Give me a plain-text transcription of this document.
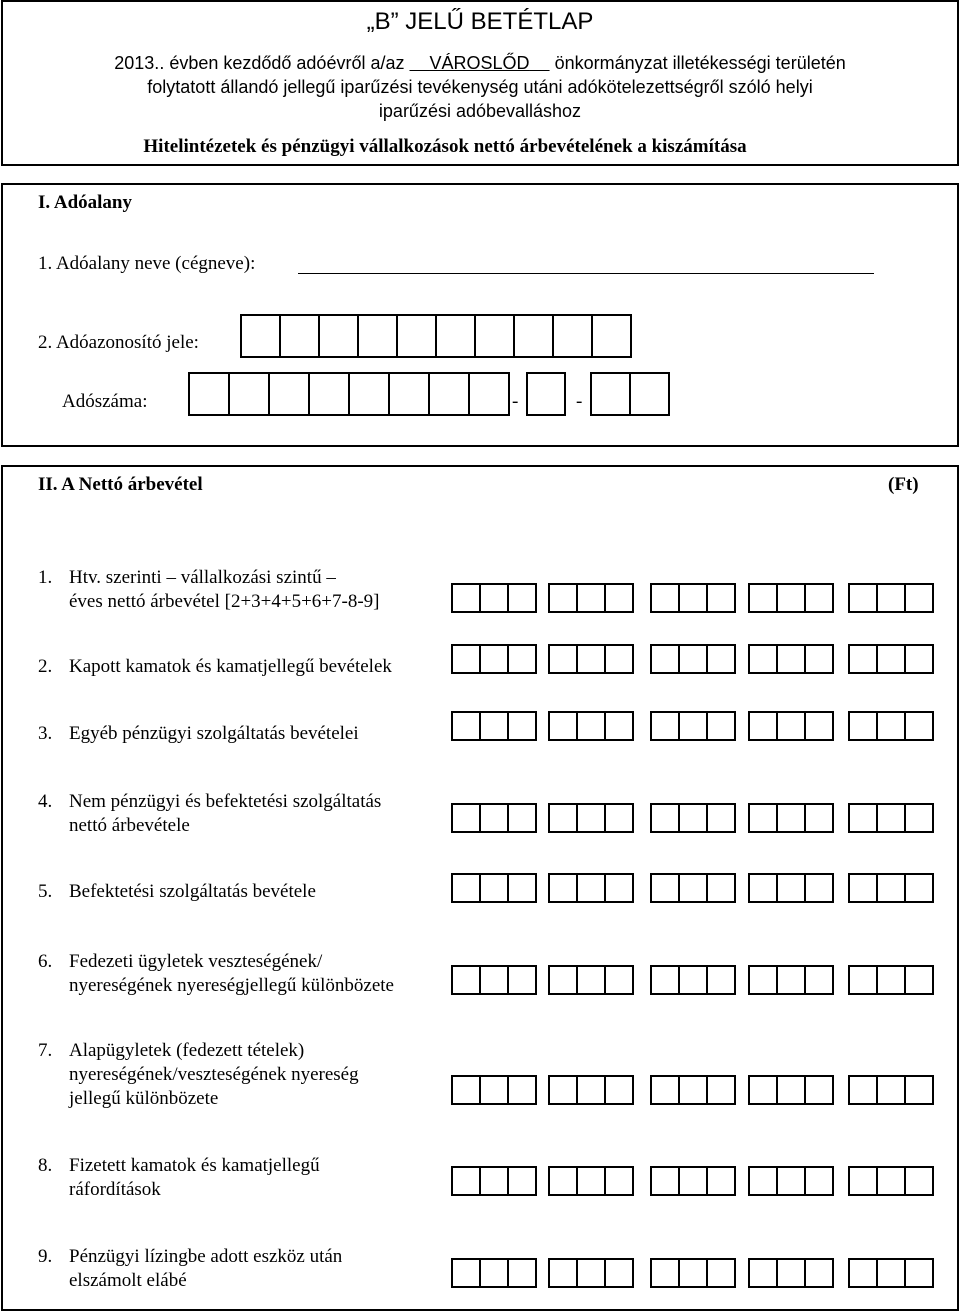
„B” JELŰ BETÉTLAP
2013.. évben kezdődő adóévről a/az VÁROSLŐD önkormányzat illetékességi területén
folytatott állandó jellegű iparűzési tevékenység utáni adókötelezettségről szóló helyi
iparűzési adóbevalláshoz
Hitelintézetek és pénzügyi vállalkozások nettó árbevételének a kiszámítása
I. Adóalany
1. Adóalany neve (cégneve):
2. Adóazonosító jele:
Adószáma:	-	-
II. A Nettó árbevétel	(Ft)
1. Htv. szerinti – vállalkozási szintű –
éves nettó árbevétel [2+3+4+5+6+7-8-9]
2. Kapott kamatok és kamatjellegű bevételek
3. Egyéb pénzügyi szolgáltatás bevételei
4. Nem pénzügyi és befektetési szolgáltatás
nettó árbevétele
5. Befektetési szolgáltatás bevétele
6. Fedezeti ügyletek veszteségének/
nyereségének nyereségjellegű különbözete
7. Alapügyletek (fedezett tételek)
nyereségének/veszteségének nyereség
jellegű különbözete
8. Fizetett kamatok és kamatjellegű
ráfordítások
9. Pénzügyi lízingbe adott eszköz után
elszámolt elábé
